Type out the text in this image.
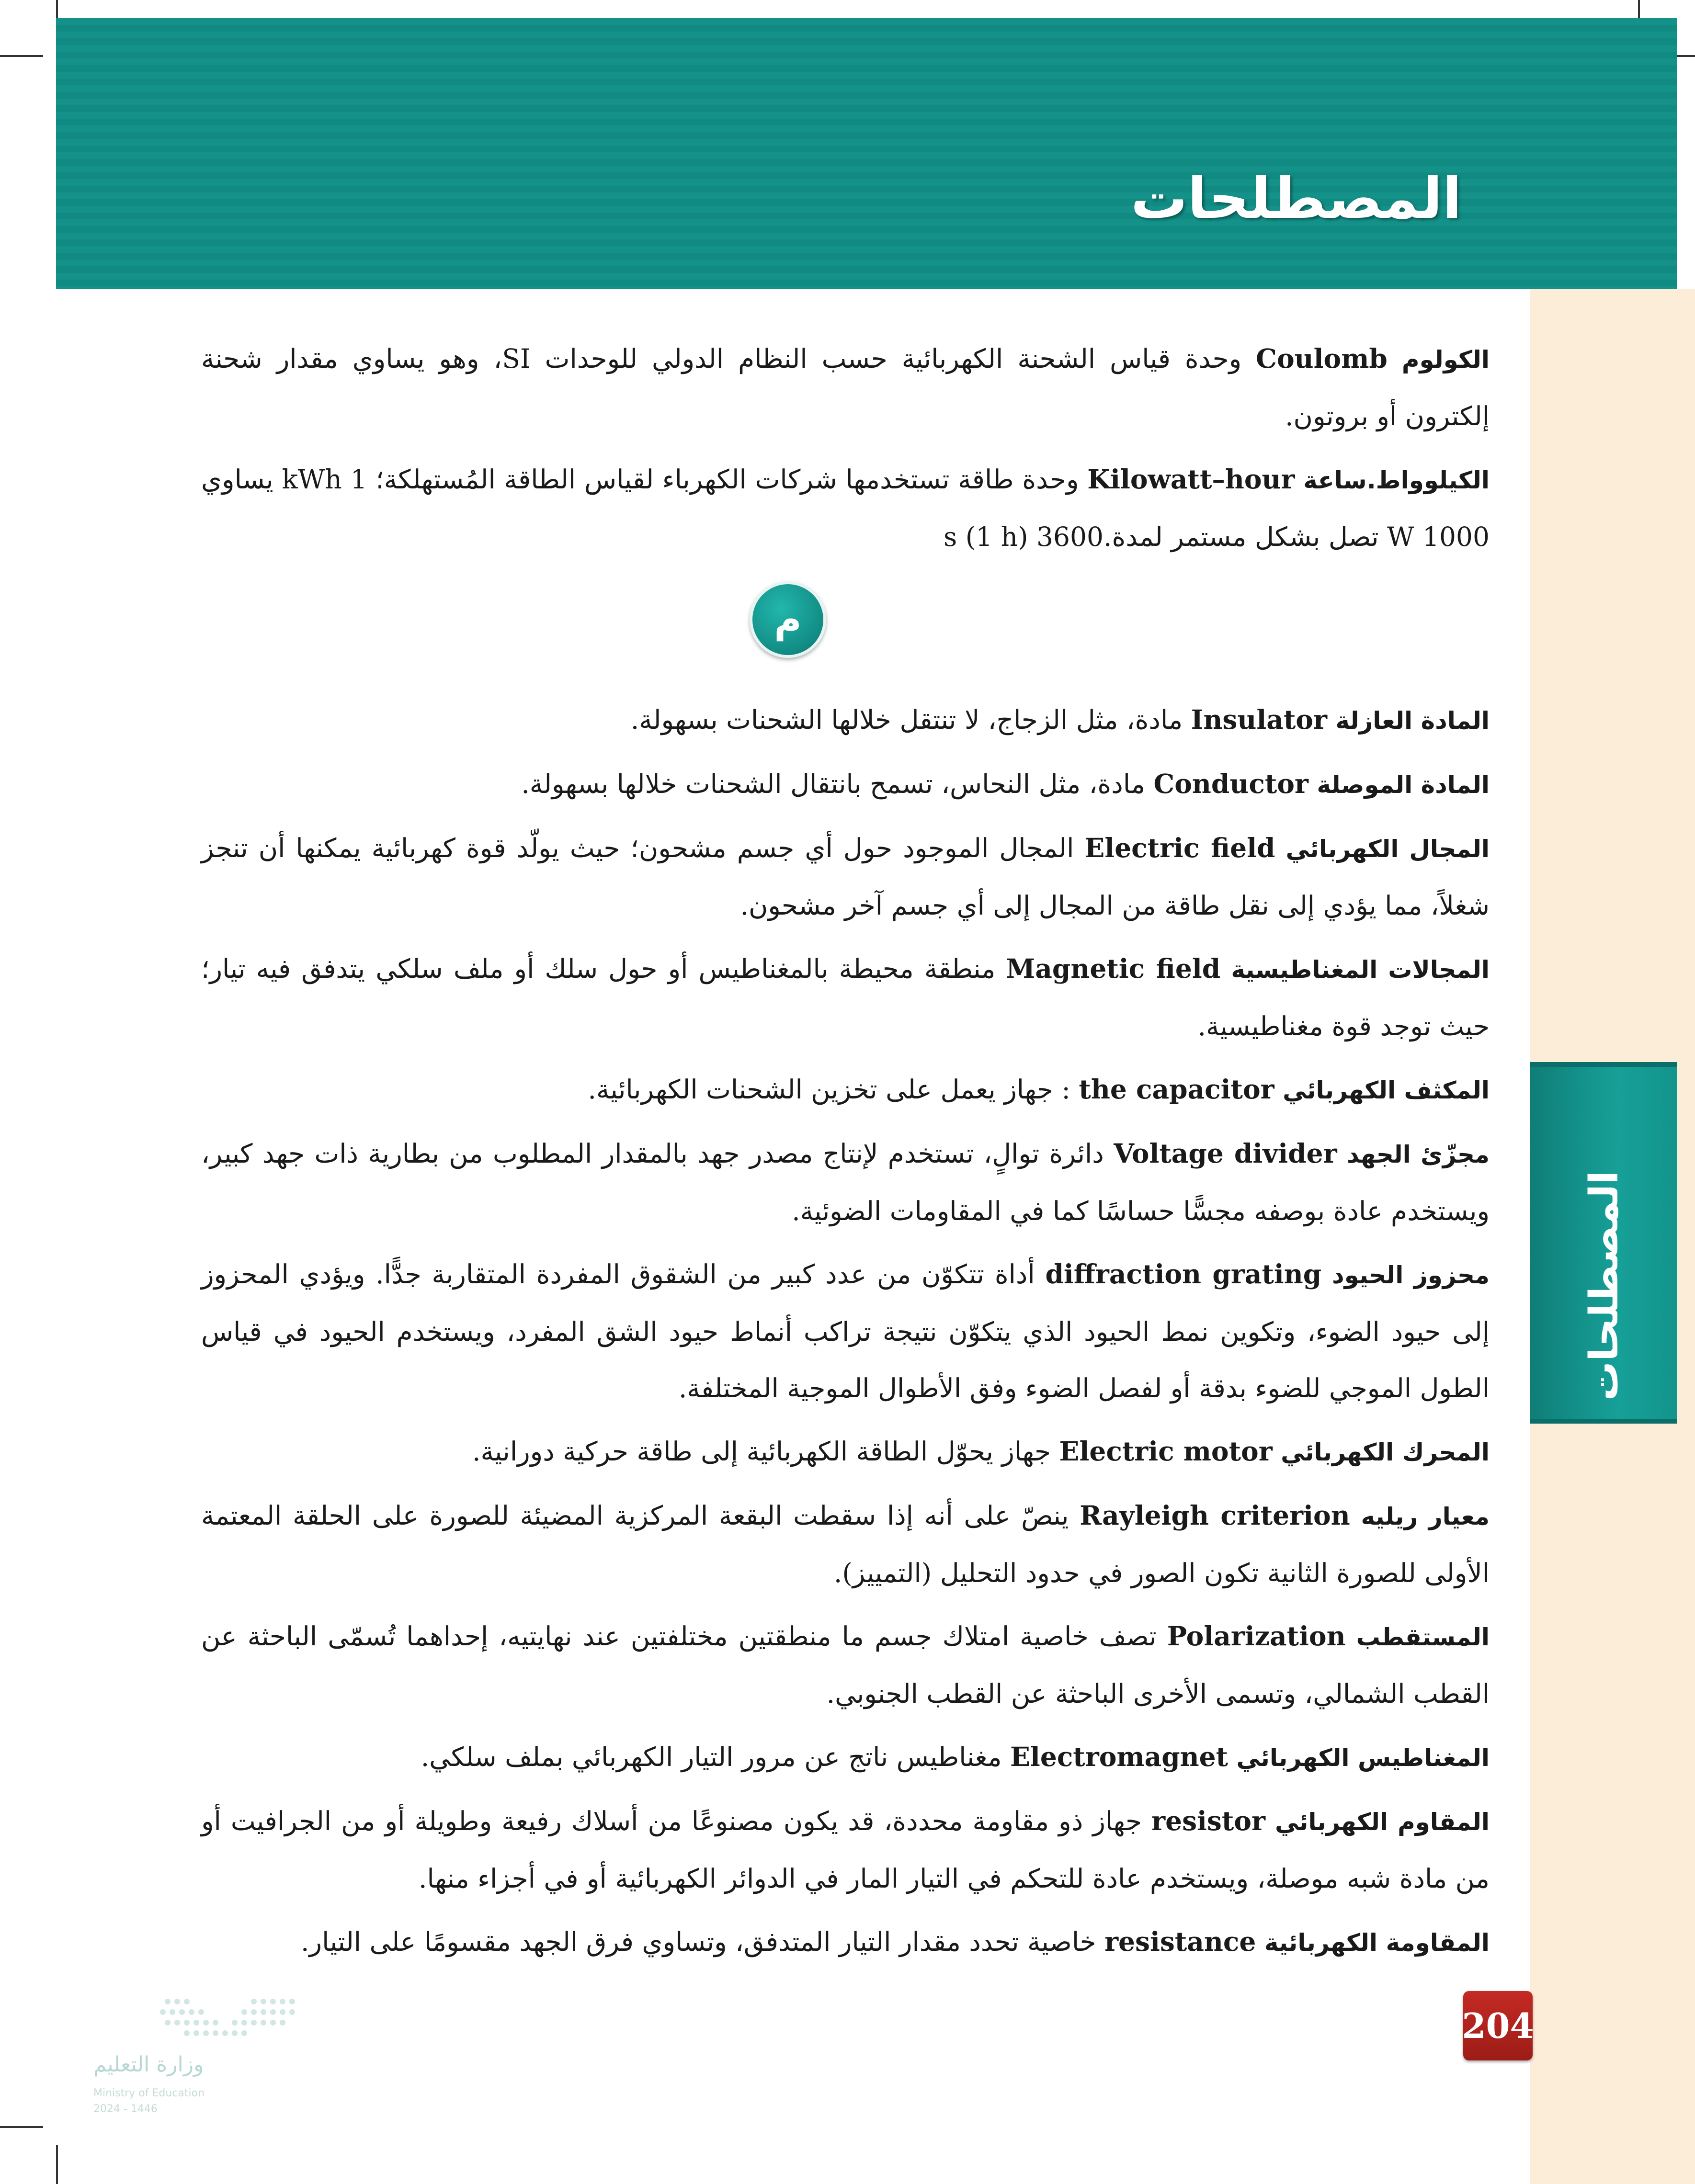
المصطلحات
المصطلحات
الكولوم Coulomb وحدة قياس الشحنة الكهربائية حسب النظام الدولي للوحدات SI، وهو يساوي مقدار شحنة إلكترون أو بروتون.
الكيلوواط.ساعة Kilowatt–hour وحدة طاقة تستخدمها شركات الكهرباء لقياس الطاقة المُستهلكة؛ 1 kWh يساوي 1000 W تصل بشكل مستمر لمدة.3600 s (1 h)
م
المادة العازلة Insulator مادة، مثل الزجاج، لا تنتقل خلالها الشحنات بسهولة.
المادة الموصلة Conductor مادة، مثل النحاس، تسمح بانتقال الشحنات خلالها بسهولة.
المجال الكهربائي Electric field المجال الموجود حول أي جسم مشحون؛ حيث يولّد قوة كهربائية يمكنها أن تنجز شغلاً، مما يؤدي إلى نقل طاقة من المجال إلى أي جسم آخر مشحون.
المجالات المغناطيسية Magnetic field منطقة محيطة بالمغناطيس أو حول سلك أو ملف سلكي يتدفق فيه تيار؛ حيث توجد قوة مغناطيسية.
المكثف الكهربائي the capacitor : جهاز يعمل على تخزين الشحنات الكهربائية.
مجزّئ الجهد Voltage divider دائرة توالٍ، تستخدم لإنتاج مصدر جهد بالمقدار المطلوب من بطارية ذات جهد كبير، ويستخدم عادة بوصفه مجسًّا حساسًا كما في المقاومات الضوئية.
محزوز الحيود diffraction grating أداة تتكوّن من عدد كبير من الشقوق المفردة المتقاربة جدًّا. ويؤدي المحزوز إلى حيود الضوء، وتكوين نمط الحيود الذي يتكوّن نتيجة تراكب أنماط حيود الشق المفرد، ويستخدم الحيود في قياس الطول الموجي للضوء بدقة أو لفصل الضوء وفق الأطوال الموجية المختلفة.
المحرك الكهربائي Electric motor جهاز يحوّل الطاقة الكهربائية إلى طاقة حركية دورانية.
معيار ريليه Rayleigh criterion ينصّ على أنه إذا سقطت البقعة المركزية المضيئة للصورة على الحلقة المعتمة الأولى للصورة الثانية تكون الصور في حدود التحليل (التمييز).
المستقطب Polarization تصف خاصية امتلاك جسم ما منطقتين مختلفتين عند نهايتيه، إحداهما تُسمّى الباحثة عن القطب الشمالي، وتسمى الأخرى الباحثة عن القطب الجنوبي.
المغناطيس الكهربائي Electromagnet مغناطيس ناتج عن مرور التيار الكهربائي بملف سلكي.
المقاوم الكهربائي resistor جهاز ذو مقاومة محددة، قد يكون مصنوعًا من أسلاك رفيعة وطويلة أو من الجرافيت أو من مادة شبه موصلة، ويستخدم عادة للتحكم في التيار المار في الدوائر الكهربائية أو في أجزاء منها.
المقاومة الكهربائية resistance خاصية تحدد مقدار التيار المتدفق، وتساوي فرق الجهد مقسومًا على التيار.
204
وزارة التعليم
Ministry of Education
2024 - 1446
